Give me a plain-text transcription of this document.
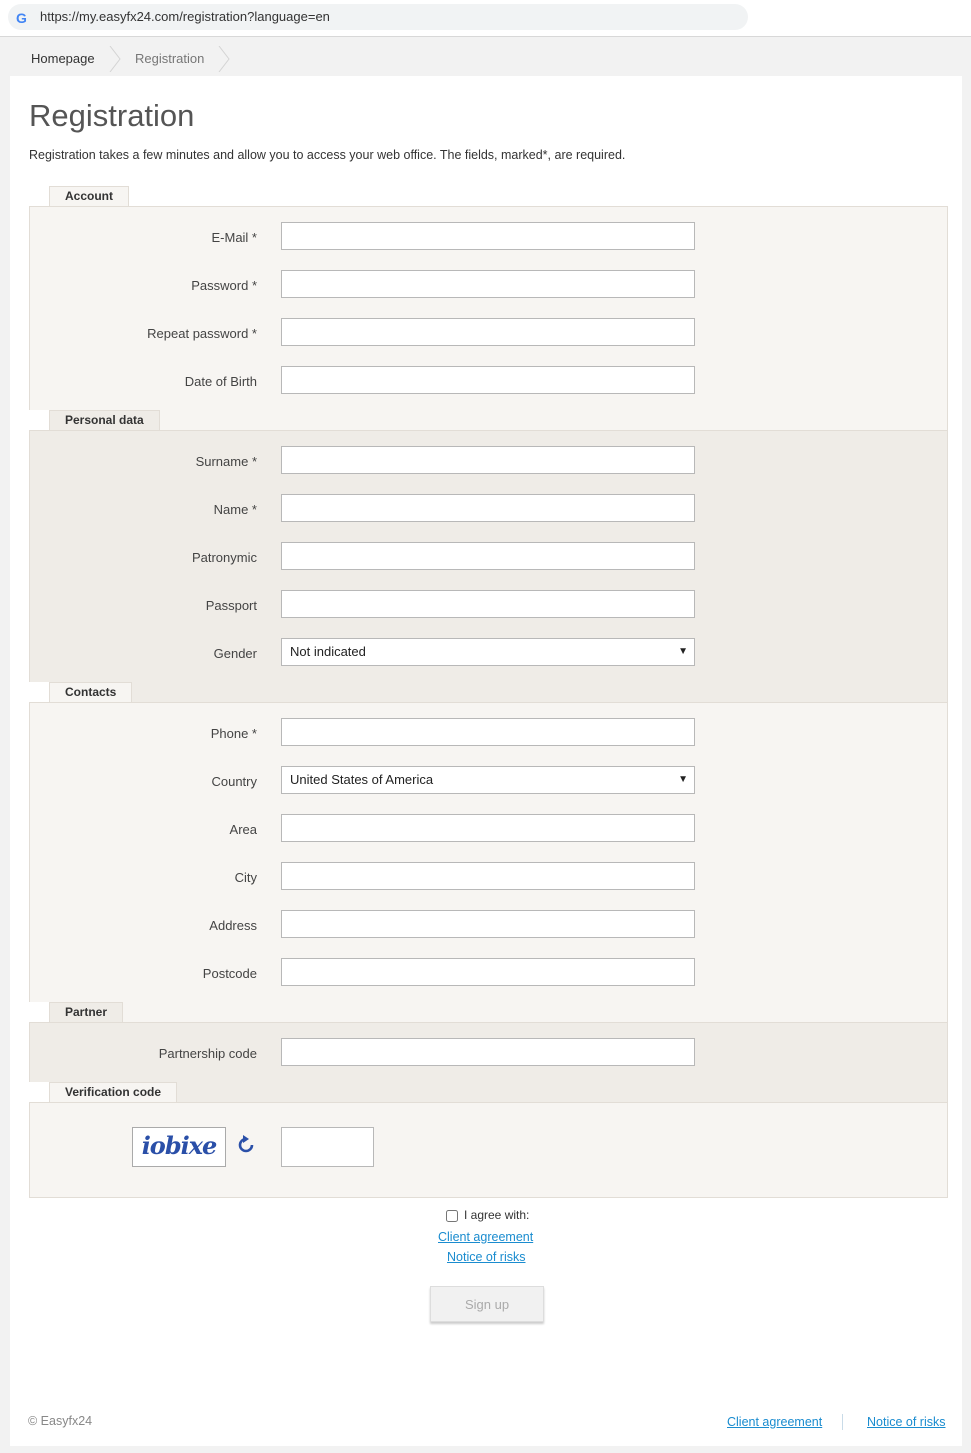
G https://my.easyfx24.com/registration?language=en
Homepage	Registration
Registration
Registration takes a few minutes and allow you to access your web office. The fields, marked*, are required.
Account
E-Mail *
Password *
Repeat password *
Date of Birth
Personal data
Surname *
Name *
Patronymic
Passport
Gender	Not indicated	▼
Contacts
Phone *
Country	United States of America	▼
Area
City
Address
Postcode
Partner
Partnership code
Verification code
iobixe
I agree with:
Client agreement
Notice of risks
Sign up
© Easyfx24	Client agreement	Notice of risks
